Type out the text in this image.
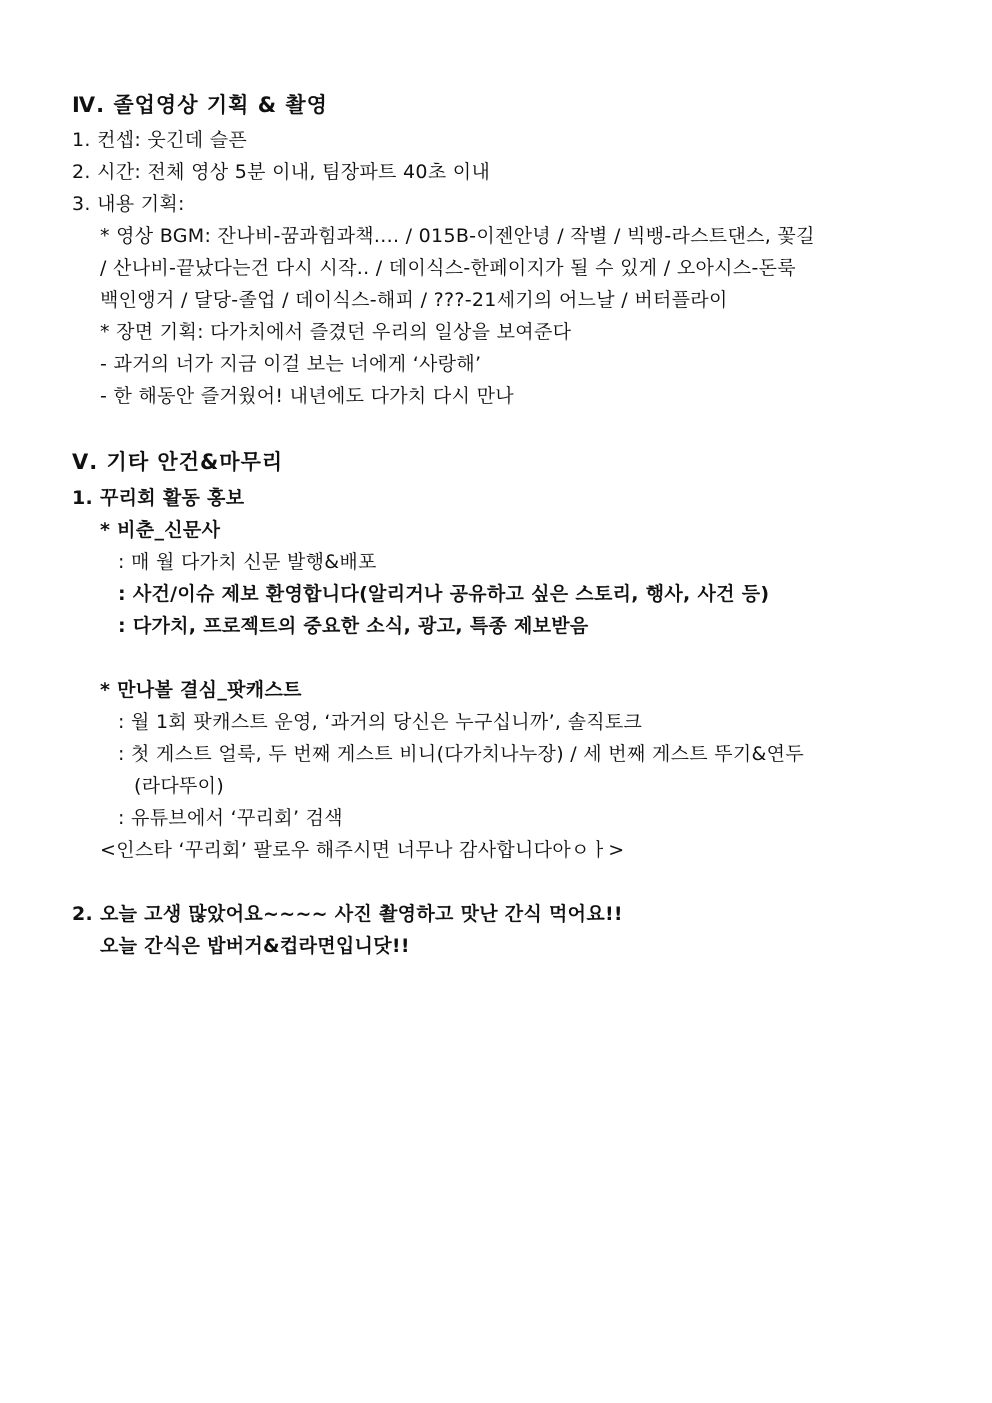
Ⅳ. 졸업영상 기획 & 촬영
1. 컨셉: 웃긴데 슬픈
2. 시간: 전체 영상 5분 이내, 팀장파트 40초 이내
3. 내용 기획:
* 영상 BGM: 잔나비-꿈과힘과책.... / 015B-이젠안녕 / 작별 / 빅뱅-라스트댄스, 꽃길
/ 산나비-끝났다는건 다시 시작.. / 데이식스-한페이지가 될 수 있게 / 오아시스-돈룩
백인앵거 / 달당-졸업 / 데이식스-해피 / ???-21세기의 어느날 / 버터플라이
* 장면 기획: 다가치에서 즐겼던 우리의 일상을 보여준다
- 과거의 너가 지금 이걸 보는 너에게 ‘사랑해’
- 한 해동안 즐거웠어! 내년에도 다가치 다시 만나
Ⅴ. 기타 안건&마무리
1. 꾸리회 활동 홍보
* 비춘_신문사
: 매 월 다가치 신문 발행&배포
: 사건/이슈 제보 환영합니다(알리거나 공유하고 싶은 스토리, 행사, 사건 등)
: 다가치, 프로젝트의 중요한 소식, 광고, 특종 제보받음
* 만나볼 결심_팟캐스트
: 월 1회 팟캐스트 운영, ‘과거의 당신은 누구십니까’, 솔직토크
: 첫 게스트 얼룩, 두 번째 게스트 비니(다가치나누장) / 세 번째 게스트 뚜기&연두
(라다뚜이)
: 유튜브에서 ‘꾸리회’ 검색
<인스타 ‘꾸리회’ 팔로우 해주시면 너무나 감사합니다아ㅇㅏ>
2. 오늘 고생 많았어요~~~~ 사진 촬영하고 맛난 간식 먹어요!!
오늘 간식은 밥버거&컵라면입니닷!!
